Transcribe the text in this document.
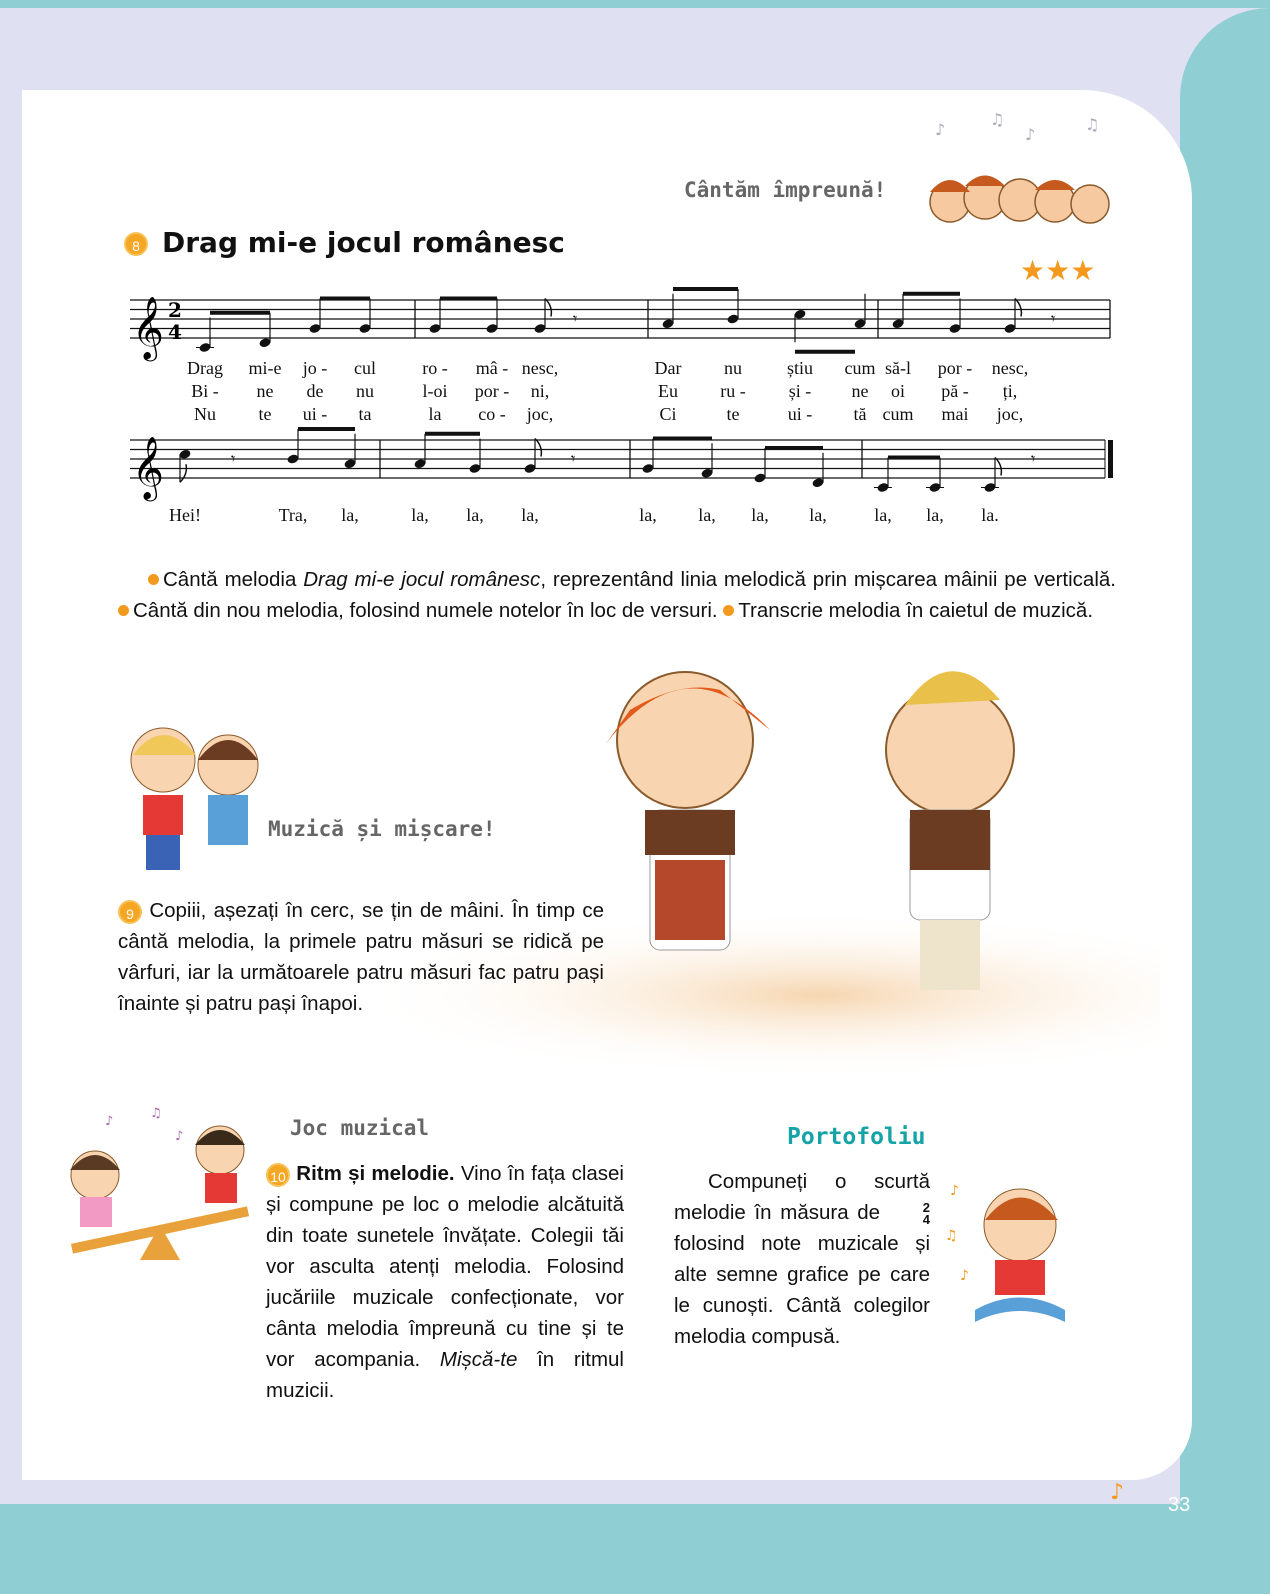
Cântăm împreună!
♪
♫
♪
♫
8 Drag mi-e jocul românesc
★★★
𝄞 2
4
𝄾	𝄾
𝄞	𝄾	𝄾	𝄾
Drag mi-e jo - cul	ro - mâ - nesc,	Dar nu știu cum să-l por - nesc,
Bi - ne de nu	l-oi por - ni,	Eu ru - și - ne oi pă - ți,
Nu te ui - ta	la co - joc,	Ci	te	ui - tă cum mai joc,
Hei!	Tra, la,	la, la, la,	la, la, la, la,	la, la, la.
Cântă melodia Drag mi-e jocul românesc, reprezentând linia melodică prin mișcarea mâinii pe verticală. Cântă din nou melodia, folosind numele notelor în loc de versuri. Transcrie melodia în caietul de muzică.
Muzică și mișcare!
9 Copiii, așezați în cerc, se țin de mâini. În timp ce cântă melodia, la primele patru măsuri se ridică pe vârfuri, iar la următoarele patru măsuri fac patru pași înainte și patru pași înapoi.
♪
♫
♪	Joc muzical
10 Ritm și melodie. Vino în fața clasei și compune pe loc o melodie alcătuită din toate sunetele învățate. Colegii tăi vor asculta atenți melodia. Folosind jucăriile muzicale confecționate, vor cânta melodia împreună cu tine și te vor acompania. Mișcă-te în ritmul muzicii.
Portofoliu
Compuneți o scurtă melodie în măsura de	2
4
folosind note muzicale și alte semne grafice pe care le cunoști. Cântă colegilor melodia compusă.
♪
♫
♪
♪ 33
